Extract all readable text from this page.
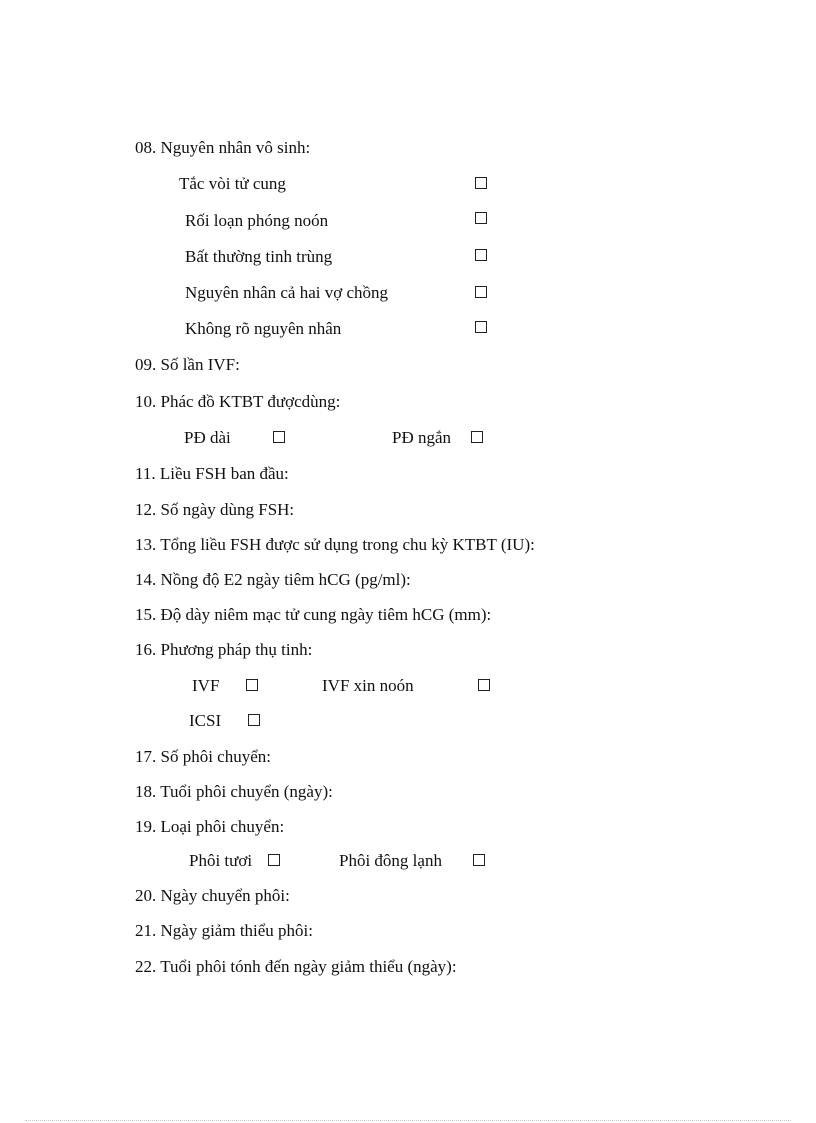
08. Nguyên nhân vô sinh:
Tắc vòi tử cung
Rối loạn phóng noón
Bất thường tinh trùng
Nguyên nhân cả hai vợ chồng
Không rõ nguyên nhân
09. Số lần IVF:
10. Phác đồ KTBT đượcdùng:
PĐ dài	PĐ ngắn
11. Liều FSH ban đầu:
12. Số ngày dùng FSH:
13. Tổng liều FSH được sử dụng trong chu kỳ KTBT (IU):
14. Nồng độ E2 ngày tiêm hCG (pg/ml):
15. Độ dày niêm mạc tử cung ngày tiêm hCG (mm):
16. Phương pháp thụ tinh:
IVF	IVF xin noón
ICSI
17. Số phôi chuyển:
18. Tuổi phôi chuyển (ngày):
19. Loại phôi chuyển:
Phôi tươi	Phôi đông lạnh
20. Ngày chuyển phôi:
21. Ngày giảm thiểu phôi:
22. Tuổi phôi tónh đến ngày giảm thiểu (ngày):
